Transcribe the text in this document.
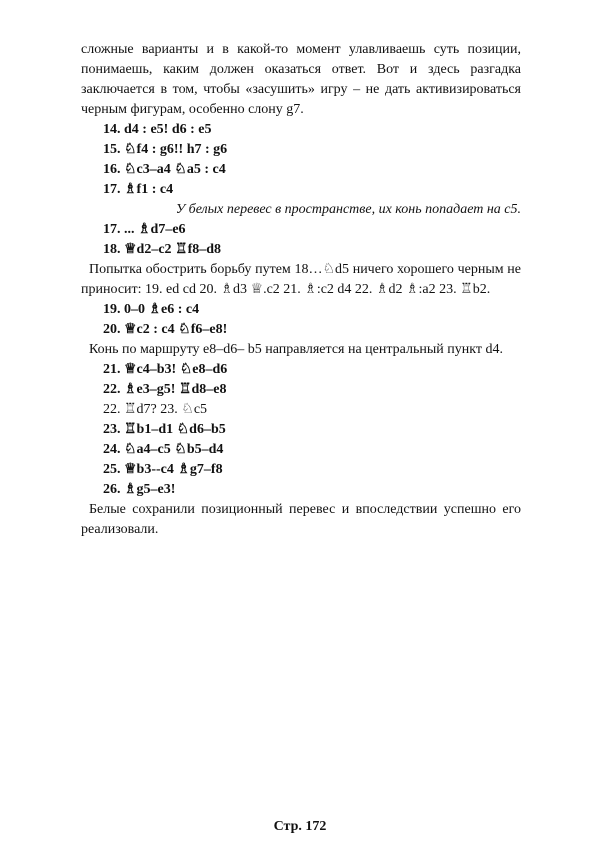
сложные варианты и в какой-то момент улавливаешь суть позиции, понимаешь, каким должен оказаться ответ. Вот и здесь разгадка заключается в том, чтобы «засушить» игру – не дать активизироваться черным фигурам, особенно слону g7.

14. d4 : e5! d6 : e5

15. ♘f4 : g6!! h7 : g6

16. ♘c3–a4 ♘a5 : c4

17. ♗f1 : c4

У белых перевес в пространстве, их конь попадает на с5.

17. ... ♗d7–e6

18. ♕d2–c2 ♖f8–d8

Попытка обострить борьбу путем 18…♘d5 ничего хорошего черным не приносит: 19. ed cd 20. ♗d3 ♕.c2 21. ♗:c2 d4 22. ♗d2 ♗:a2 23. ♖b2.

19. 0–0 ♗e6 : c4

20. ♕c2 : c4 ♘f6–e8!

Конь по маршруту e8–d6– b5 направляется на центральный пункт d4.

21. ♕c4–b3! ♘e8–d6

22. ♗e3–g5! ♖d8–e8

22. ♖d7? 23. ♘c5

23. ♖b1–d1 ♘d6–b5

24. ♘a4–c5 ♘b5–d4

25. ♕b3--c4 ♗g7–f8

26. ♗g5–e3!

Белые сохранили позиционный перевес и впоследствии успешно его реализовали.

Стр. 172
